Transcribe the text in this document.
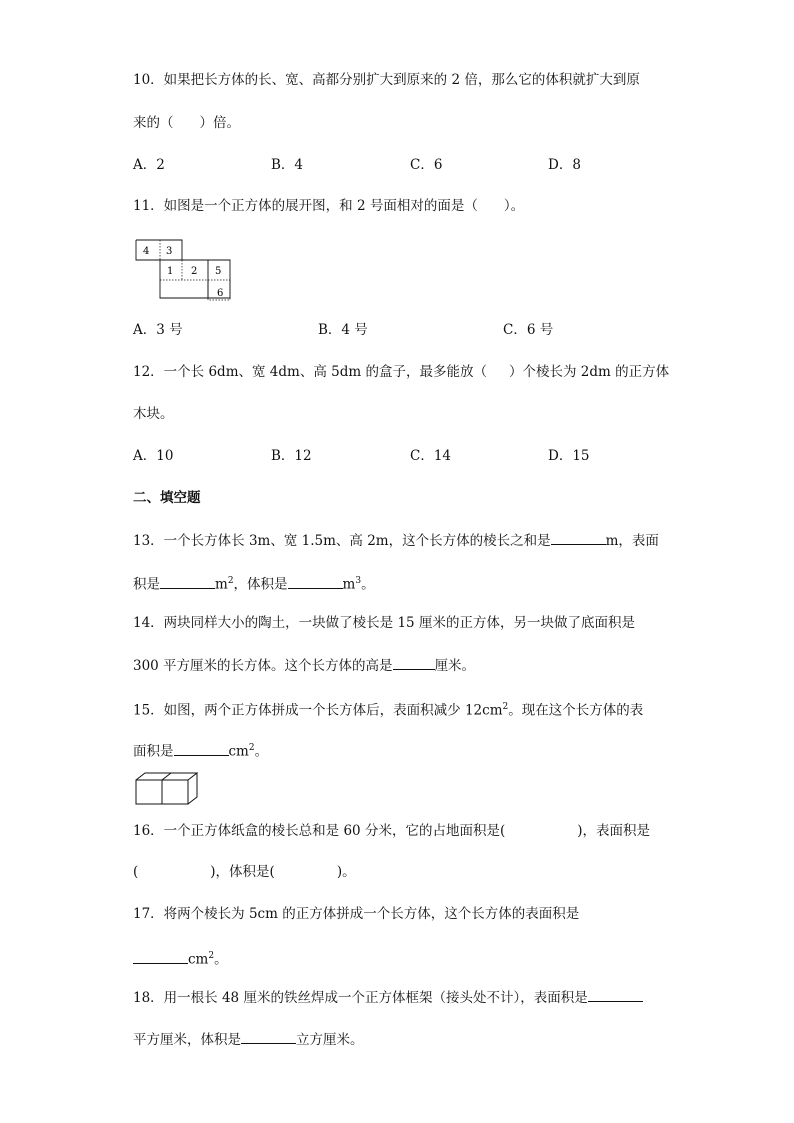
10．如果把长方体的长、宽、高都分别扩大到原来的 2 倍，那么它的体积就扩大到原
来的（ ）倍。
A．2	B．4	C．6	D．8
11．如图是一个正方体的展开图，和 2 号面相对的面是（ ）。
4 3
1 2 5
6
A．3 号	B．4 号	C．6 号
12．一个长 6dm、宽 4dm、高 5dm 的盒子，最多能放（ ）个棱长为 2dm 的正方体
木块。
A．10	B．12	C．14	D．15
二、填空题
13．一个长方体长 3m、宽 1.5m、高 2m，这个长方体的棱长之和是	m，表面
积是	$m^2$，体积是	$m^3$。
14．两块同样大小的陶土，一块做了棱长是 15 厘米的正方体，另一块做了底面积是
300 平方厘米的长方体。这个长方体的高是	厘米。
15．如图，两个正方体拼成一个长方体后，表面积减少 $12cm^2$。现在这个长方体的表
面积是	$cm^2$。
16．一个正方体纸盒的棱长总和是 60 分米，它的占地面积是(	)，表面积是
(	)，体积是(	)。
17．将两个棱长为 5cm 的正方体拼成一个长方体，这个长方体的表面积是
$cm^2$。
18．用一根长 48 厘米的铁丝焊成一个正方体框架（接头处不计），表面积是
平方厘米，体积是	立方厘米。
